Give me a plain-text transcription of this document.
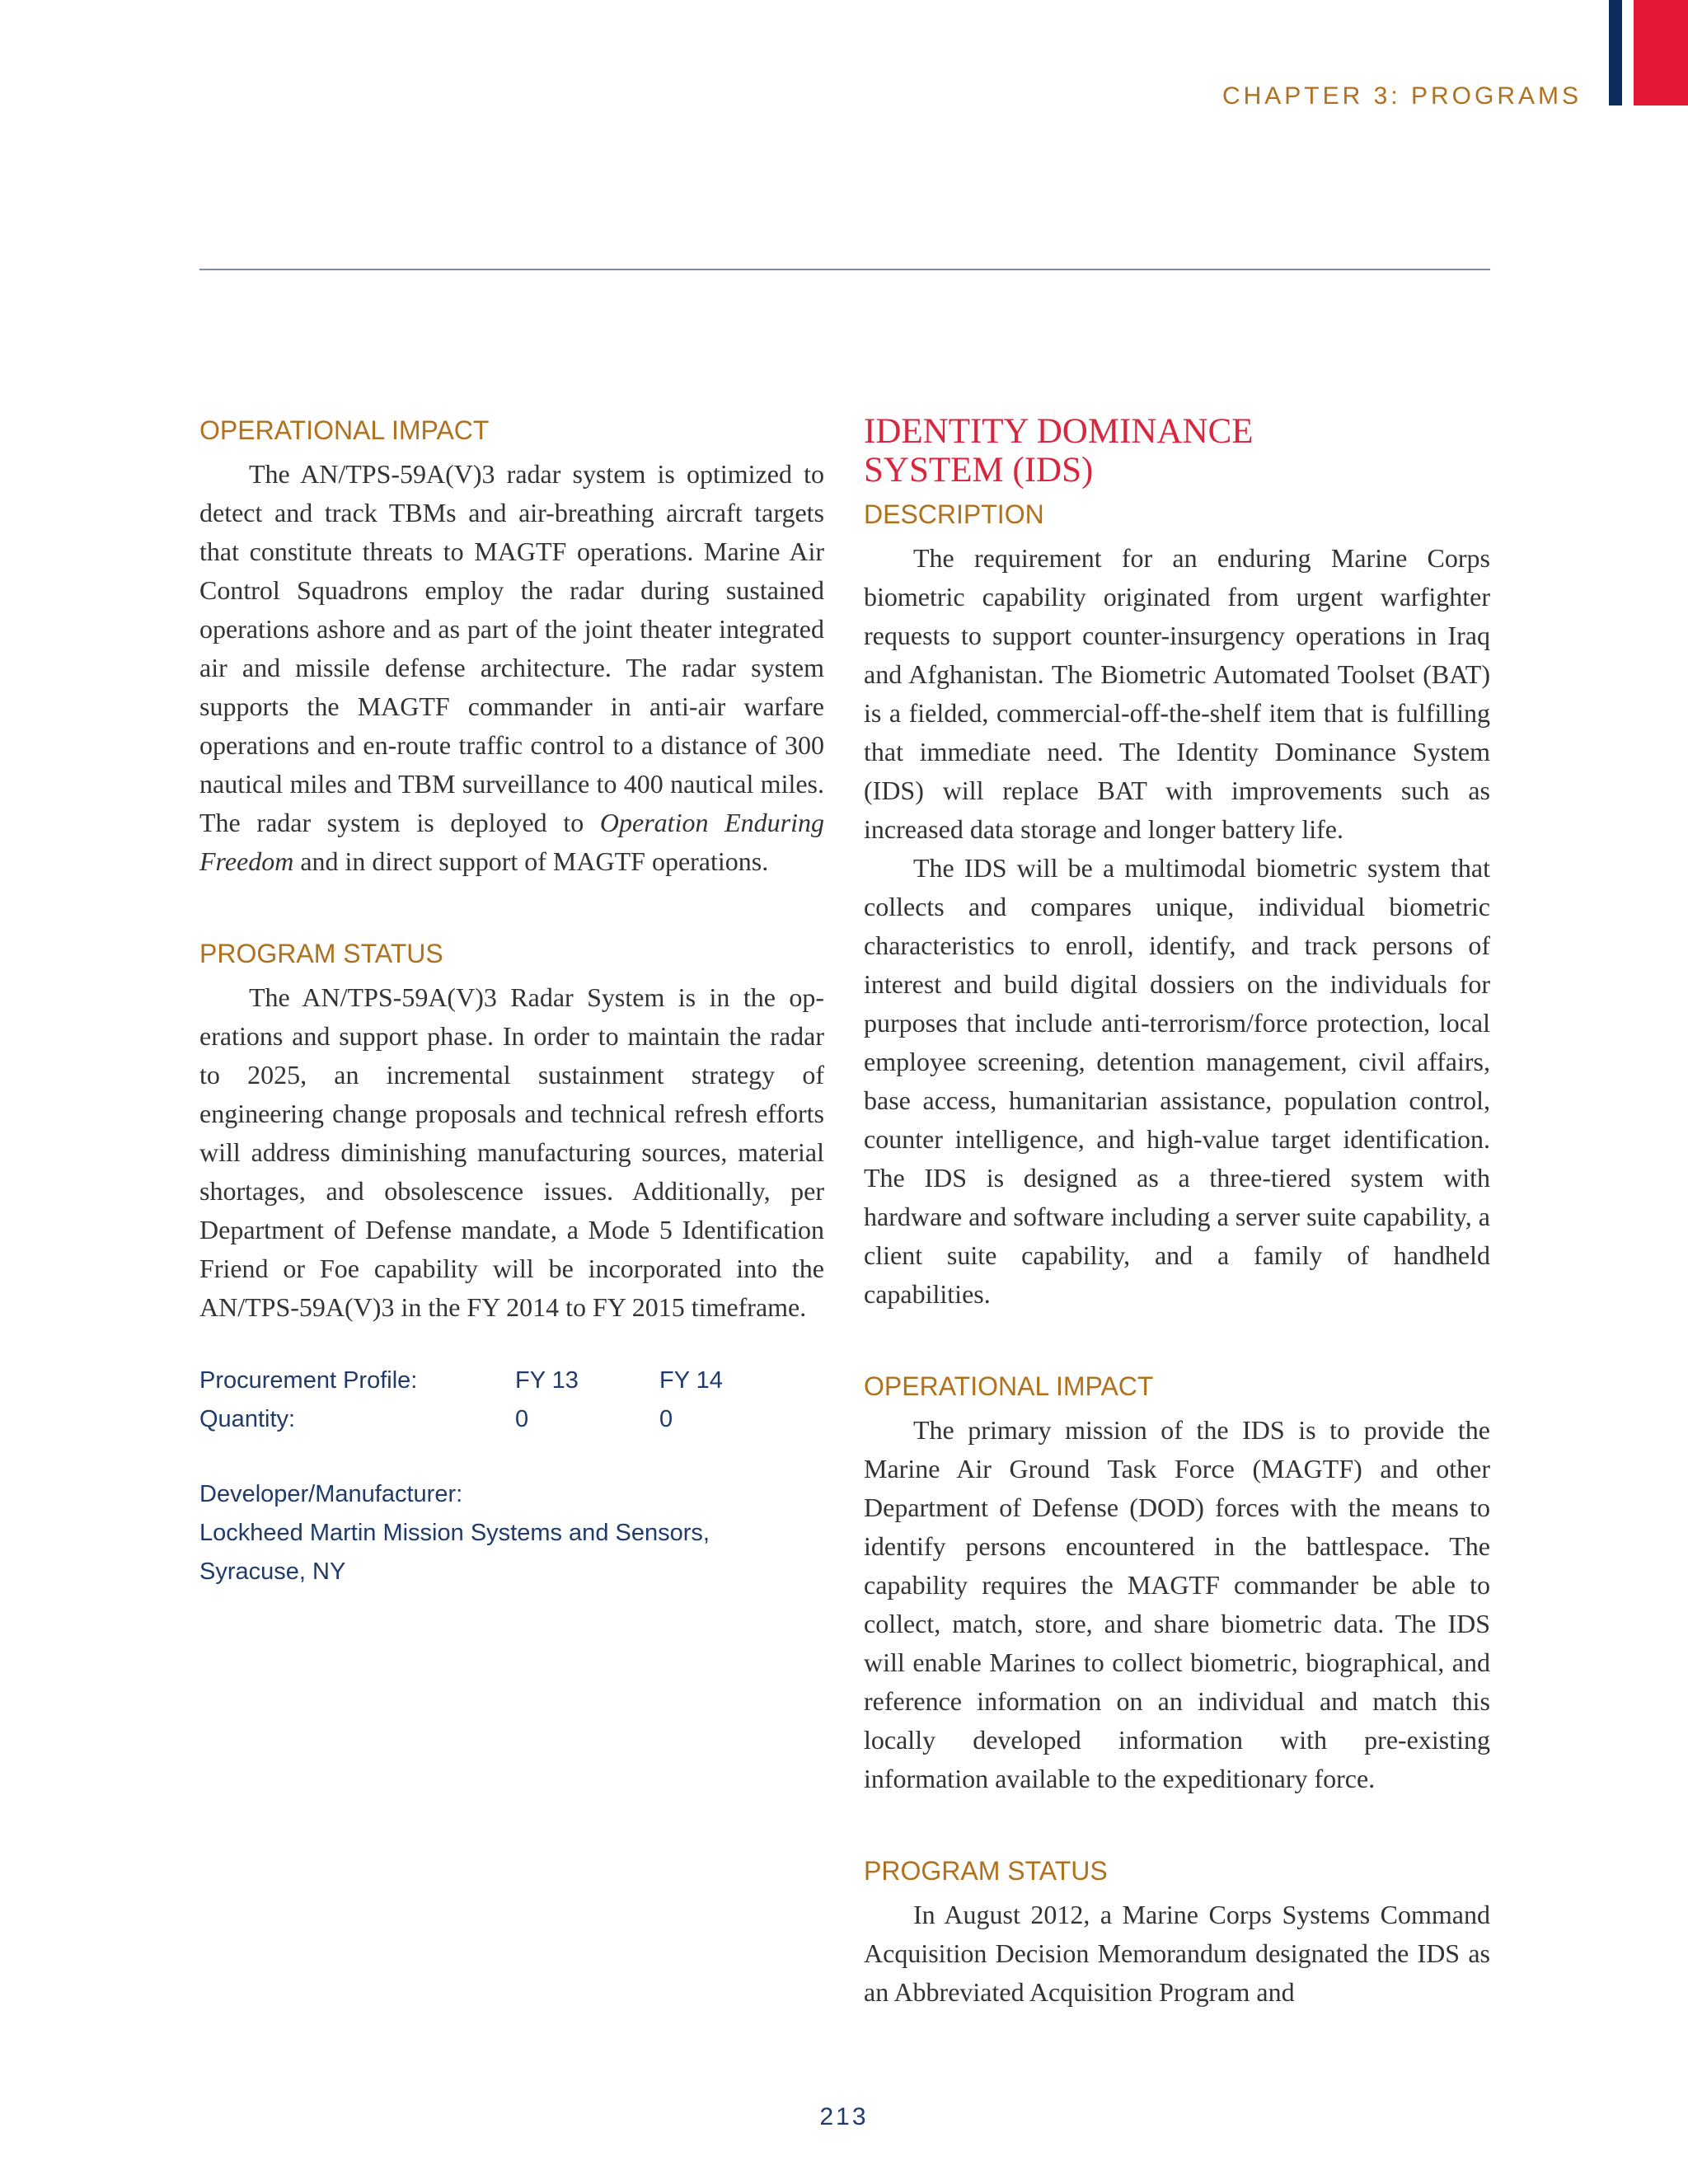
CHAPTER 3: PROGRAMS
OPERATIONAL IMPACT

The AN/TPS-59A(V)3 radar system is optimized to detect and track TBMs and air-breathing aircraft targets that constitute threats to MAGTF operations. Marine Air Control Squadrons employ the radar during sustained operations ashore and as part of the joint theater integrated air and missile defense architecture. The radar system supports the MAGTF commander in anti-air warfare operations and en-route traffic control to a distance of 300 nautical miles and TBM surveillance to 400 nautical miles. The radar system is deployed to Operation Enduring Freedom and in direct support of MAGTF operations.

PROGRAM STATUS

The AN/TPS-59A(V)3 Radar System is in the operations and support phase. In order to maintain the radar to 2025, an incremental sustainment strategy of engineering change proposals and technical refresh efforts will address diminishing manufacturing sources, material shortages, and obsolescence issues. Additionally, per Department of Defense mandate, a Mode 5 Identification Friend or Foe capability will be incorporated into the AN/TPS-59A(V)3 in the FY 2014 to FY 2015 timeframe.

Procurement Profile:	FY 13	FY 14
Quantity:	0	0
Developer/Manufacturer:
Lockheed Martin Mission Systems and Sensors,
Syracuse, NY
IDENTITY DOMINANCE
SYSTEM (IDS)
DESCRIPTION

The requirement for an enduring Marine Corps biometric capability originated from urgent warfighter requests to support counter-insurgency operations in Iraq and Afghanistan. The Biometric Automated Toolset (BAT) is a fielded, commercial-off-the-shelf item that is fulfilling that immediate need. The Identity Dominance System (IDS) will replace BAT with improvements such as increased data storage and longer battery life.

The IDS will be a multimodal biometric system that collects and compares unique, individual biometric characteristics to enroll, identify, and track persons of interest and build digital dossiers on the individuals for purposes that include anti-terrorism/force protection, local employee screening, detention management, civil affairs, base access, humanitarian assistance, population control, counter intelligence, and high-value target identification. The IDS is designed as a three-tiered system with hardware and software including a server suite capability, a client suite capability, and a family of handheld capabilities.

OPERATIONAL IMPACT

The primary mission of the IDS is to provide the Marine Air Ground Task Force (MAGTF) and other Department of Defense (DOD) forces with the means to identify persons encountered in the battlespace. The capability requires the MAGTF commander be able to collect, match, store, and share biometric data. The IDS will enable Marines to collect biometric, biographical, and reference information on an individual and match this locally developed information with pre-existing information available to the expeditionary force.

PROGRAM STATUS

In August 2012, a Marine Corps Systems Command Acquisition Decision Memorandum designated the IDS as an Abbreviated Acquisition Program and

213
